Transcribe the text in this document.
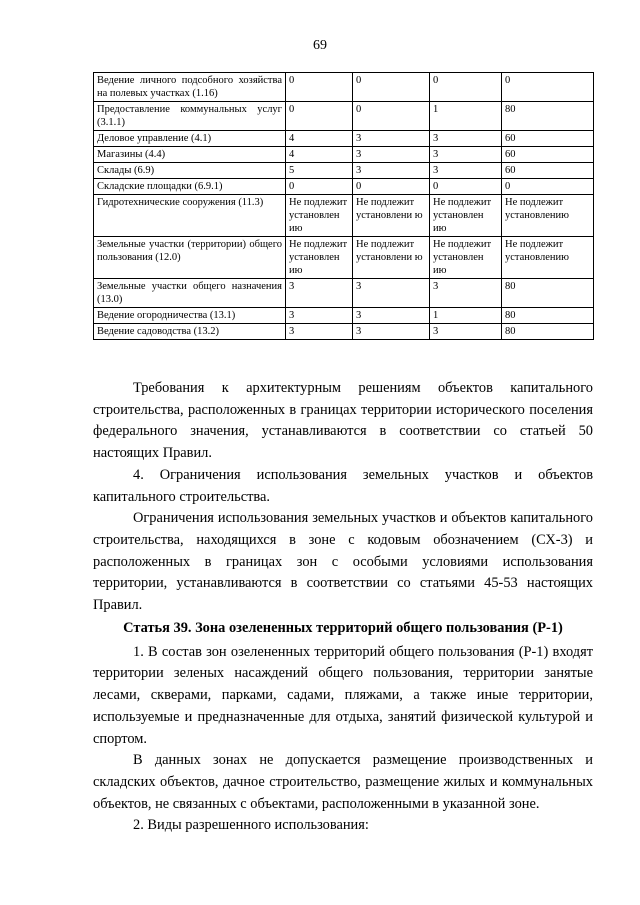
69
Ведение личного подсобного хозяйства на полевых участках (1.16)	0	0	0	0
Предоставление коммунальных услуг (3.1.1)	0	0	1	80
Деловое управление (4.1)	4	3	3	60
Магазины (4.4)	4	3	3	60
Склады (6.9)	5	3	3	60
Складские площадки (6.9.1)	0	0	0	0
Гидротехнические сооружения (11.3)	Не подлежит установлен ию	Не подлежит установлени ю	Не подлежит установлен ию	Не подлежит установлению
Земельные участки (территории) общего пользования (12.0)	Не подлежит установлен ию	Не подлежит установлени ю	Не подлежит установлен ию	Не подлежит установлению
Земельные участки общего назначения (13.0)	3	3	3	80
Ведение огородничества (13.1)	3	3	1	80
Ведение садоводства (13.2)	3	3	3	80

Требования к архитектурным решениям объектов капитального строительства, расположенных в границах территории исторического поселения федерального значения, устанавливаются в соответствии со статьей 50 настоящих Правил.

4. Ограничения использования земельных участков и объектов капитального строительства.

Ограничения использования земельных участков и объектов капитального строительства, находящихся в зоне с кодовым обозначением (СХ-3) и расположенных в границах зон с особыми условиями использования территории, устанавливаются в соответствии со статьями 45-53 настоящих Правил.

Статья 39. Зона озелененных территорий общего пользования (Р-1)

1. В состав зон озелененных территорий общего пользования (Р-1) входят территории зеленых насаждений общего пользования, территории занятые лесами, скверами, парками, садами, пляжами, а также иные территории, используемые и предназначенные для отдыха, занятий физической культурой и спортом.

В данных зонах не допускается размещение производственных и складских объектов, дачное строительство, размещение жилых и коммунальных объектов, не связанных с объектами, расположенными в указанной зоне.

2. Виды разрешенного использования:
